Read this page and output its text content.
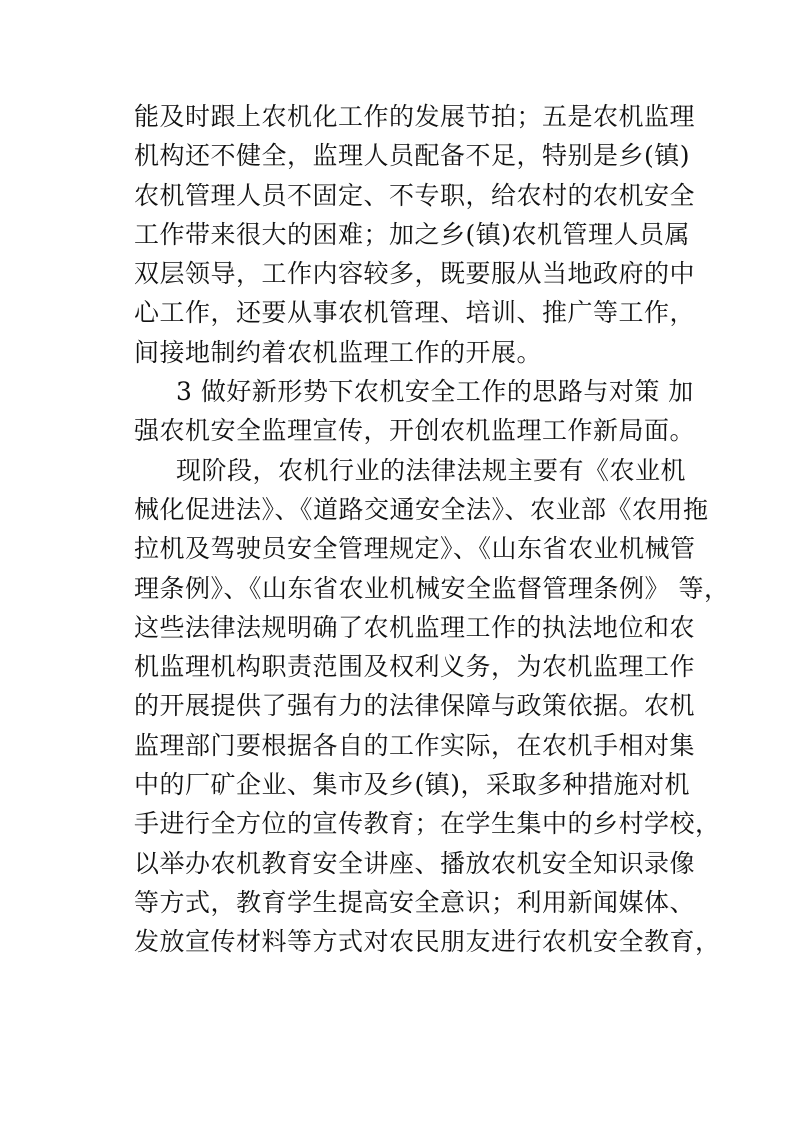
能及时跟上农机化工作的发展节拍；五是农机监理
机构还不健全，监理人员配备不足，特别是乡(镇)
农机管理人员不固定、不专职，给农村的农机安全
工作带来很大的困难；加之乡(镇)农机管理人员属
双层领导，工作内容较多，既要服从当地政府的中
心工作，还要从事农机管理、培训、推广等工作，
间接地制约着农机监理工作的开展。
3 做好新形势下农机安全工作的思路与对策 加
强农机安全监理宣传，开创农机监理工作新局面。
现阶段，农机行业的法律法规主要有《农业机
械化促进法》、《道路交通安全法》、农业部《农用拖
拉机及驾驶员安全管理规定》、《山东省农业机械管
理条例》、《山东省农业机械安全监督管理条例》 等，
这些法律法规明确了农机监理工作的执法地位和农
机监理机构职责范围及权利义务，为农机监理工作
的开展提供了强有力的法律保障与政策依据。农机
监理部门要根据各自的工作实际，在农机手相对集
中的厂矿企业、集市及乡(镇)，采取多种措施对机
手进行全方位的宣传教育；在学生集中的乡村学校，
以举办农机教育安全讲座、播放农机安全知识录像
等方式，教育学生提高安全意识；利用新闻媒体、
发放宣传材料等方式对农民朋友进行农机安全教育，
